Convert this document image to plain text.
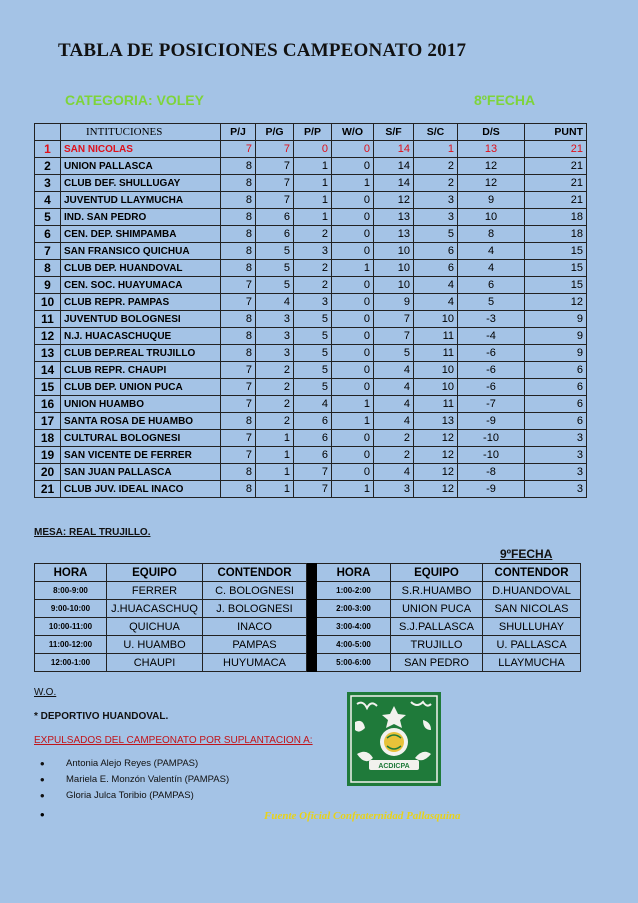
TABLA DE POSICIONES CAMPEONATO 2017
CATEGORIA: VOLEY	8ºFECHA
	INTITUCIONES	P/J	P/G	P/P	W/O	S/F	S/C	D/S	PUNT
1	SAN NICOLAS	7	7	0	0	14	1	13	21
2	UNION PALLASCA	8	7	1	0	14	2	12	21
3	CLUB DEF. SHULLUGAY	8	7	1	1	14	2	12	21
4	JUVENTUD LLAYMUCHA	8	7	1	0	12	3	9	21
5	IND. SAN PEDRO	8	6	1	0	13	3	10	18
6	CEN. DEP. SHIMPAMBA	8	6	2	0	13	5	8	18
7	SAN FRANSICO QUICHUA	8	5	3	0	10	6	4	15
8	CLUB DEP. HUANDOVAL	8	5	2	1	10	6	4	15
9	CEN. SOC. HUAYUMACA	7	5	2	0	10	4	6	15
10	CLUB REPR. PAMPAS	7	4	3	0	9	4	5	12
11	JUVENTUD BOLOGNESI	8	3	5	0	7	10	-3	9
12	N.J. HUACASCHUQUE	8	3	5	0	7	11	-4	9
13	CLUB DEP.REAL TRUJILLO	8	3	5	0	5	11	-6	9
14	CLUB REPR. CHAUPI	7	2	5	0	4	10	-6	6
15	CLUB DEP. UNION PUCA	7	2	5	0	4	10	-6	6
16	UNION HUAMBO	7	2	4	1	4	11	-7	6
17	SANTA ROSA DE HUAMBO	8	2	6	1	4	13	-9	6
18	CULTURAL BOLOGNESI	7	1	6	0	2	12	-10	3
19	SAN VICENTE DE FERRER	7	1	6	0	2	12	-10	3
20	SAN JUAN PALLASCA	8	1	7	0	4	12	-8	3
21	CLUB JUV. IDEAL INACO	8	1	7	1	3	12	-9	3
MESA: REAL TRUJILLO.
9ºFECHA
HORA	EQUIPO	CONTENDOR		HORA	EQUIPO	CONTENDOR
8:00-9:00	FERRER	C. BOLOGNESI		1:00-2:00	S.R.HUAMBO	D.HUANDOVAL
9:00-10:00	J.HUACASCHUQ	J. BOLOGNESI		2:00-3:00	UNION PUCA	SAN NICOLAS
10:00-11:00	QUICHUA	INACO		3:00-4:00	S.J.PALLASCA	SHULLUHAY
11:00-12:00	U. HUAMBO	PAMPAS		4:00-5:00	TRUJILLO	U. PALLASCA
12:00-1:00	CHAUPI	HUYUMACA		5:00-6:00	SAN PEDRO	LLAYMUCHA
W.O.
* DEPORTIVO HUANDOVAL.
EXPULSADOS DEL CAMPEONATO POR SUPLANTACION A:
• Antonia Alejo Reyes (PAMPAS)
• Mariela E. Monzón Valentín (PAMPAS)
• Gloria Julca Toribio (PAMPAS)
•	Fuente Oficial Confraternidad Pallasquina
ACDICPA
